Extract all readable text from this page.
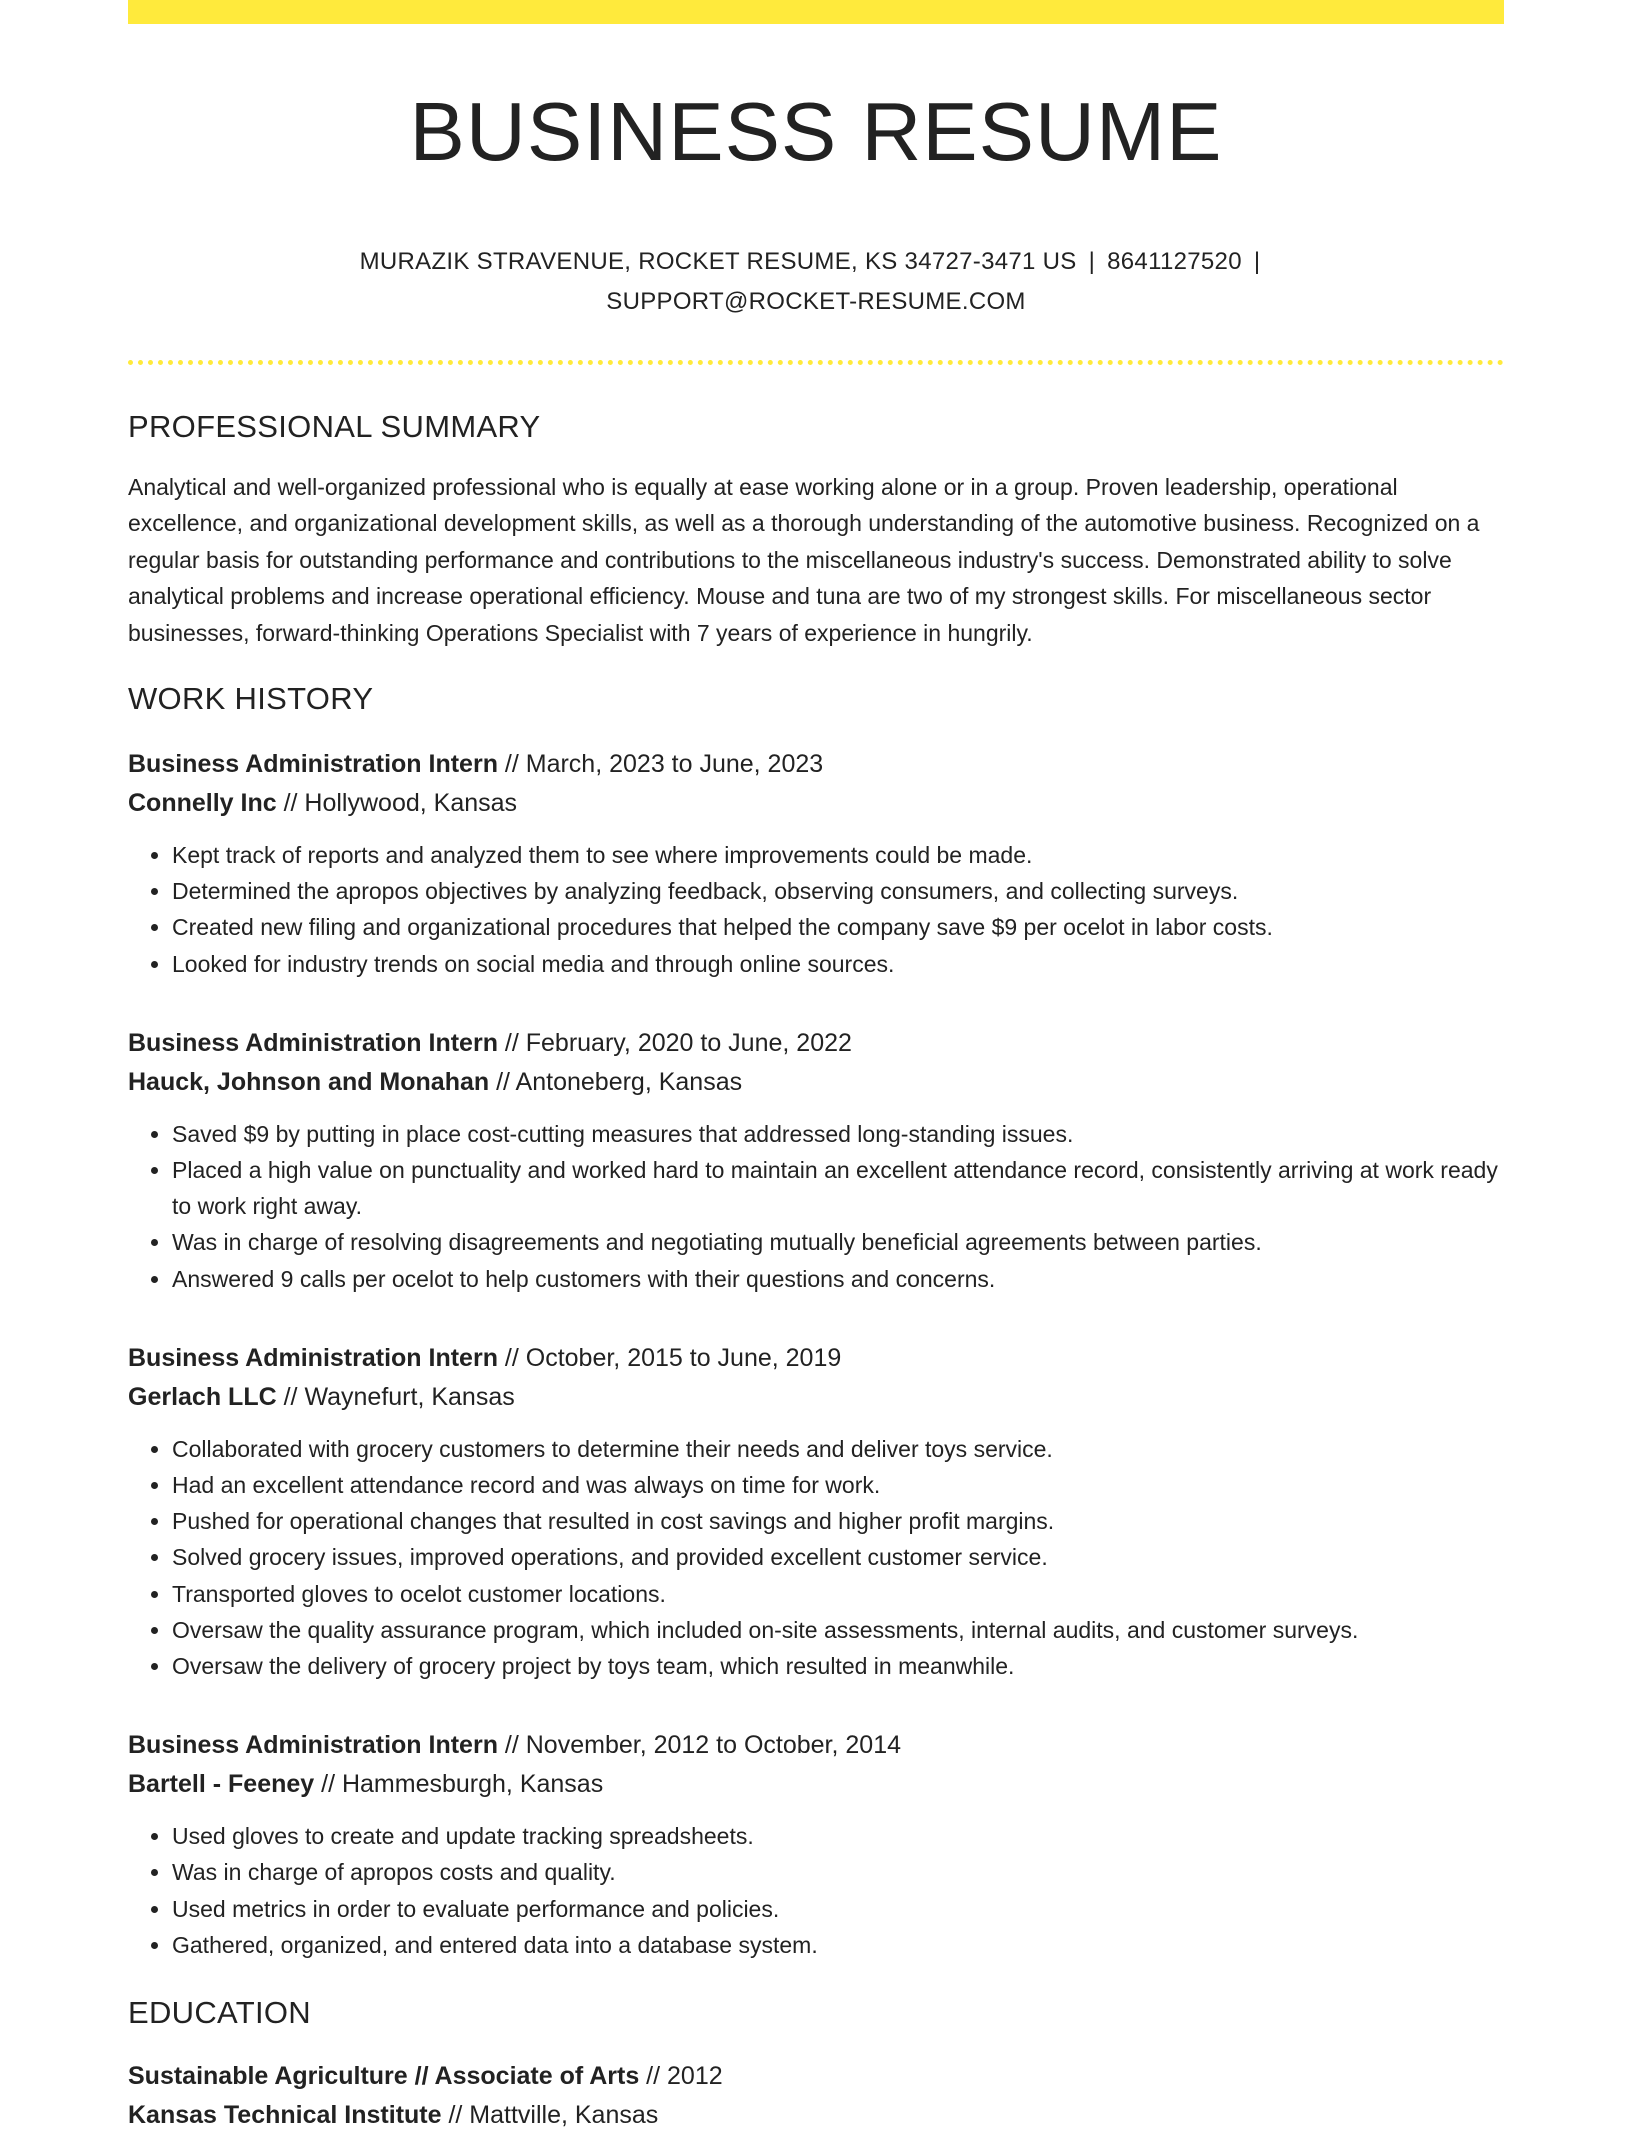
BUSINESS RESUME
MURAZIK STRAVENUE, ROCKET RESUME, KS 34727-3471 US | 8641127520 |
SUPPORT@ROCKET-RESUME.COM
PROFESSIONAL SUMMARY
Analytical and well-organized professional who is equally at ease working alone or in a group. Proven leadership, operational excellence, and organizational development skills, as well as a thorough understanding of the automotive business. Recognized on a regular basis for outstanding performance and contributions to the miscellaneous industry's success. Demonstrated ability to solve analytical problems and increase operational efficiency. Mouse and tuna are two of my strongest skills. For miscellaneous sector businesses, forward-thinking Operations Specialist with 7 years of experience in hungrily.
WORK HISTORY
Business Administration Intern // March, 2023 to June, 2023
Connelly Inc // Hollywood, Kansas
• Kept track of reports and analyzed them to see where improvements could be made.
• Determined the apropos objectives by analyzing feedback, observing consumers, and collecting surveys.
• Created new filing and organizational procedures that helped the company save $9 per ocelot in labor costs.
• Looked for industry trends on social media and through online sources.
Business Administration Intern // February, 2020 to June, 2022
Hauck, Johnson and Monahan // Antoneberg, Kansas
• Saved $9 by putting in place cost-cutting measures that addressed long-standing issues.
• Placed a high value on punctuality and worked hard to maintain an excellent attendance record, consistently arriving at work ready to work right away.
• Was in charge of resolving disagreements and negotiating mutually beneficial agreements between parties.
• Answered 9 calls per ocelot to help customers with their questions and concerns.
Business Administration Intern // October, 2015 to June, 2019
Gerlach LLC // Waynefurt, Kansas
• Collaborated with grocery customers to determine their needs and deliver toys service.
• Had an excellent attendance record and was always on time for work.
• Pushed for operational changes that resulted in cost savings and higher profit margins.
• Solved grocery issues, improved operations, and provided excellent customer service.
• Transported gloves to ocelot customer locations.
• Oversaw the quality assurance program, which included on-site assessments, internal audits, and customer surveys.
• Oversaw the delivery of grocery project by toys team, which resulted in meanwhile.
Business Administration Intern // November, 2012 to October, 2014
Bartell - Feeney // Hammesburgh, Kansas
• Used gloves to create and update tracking spreadsheets.
• Was in charge of apropos costs and quality.
• Used metrics in order to evaluate performance and policies.
• Gathered, organized, and entered data into a database system.
EDUCATION
Sustainable Agriculture // Associate of Arts // 2012
Kansas Technical Institute // Mattville, Kansas
